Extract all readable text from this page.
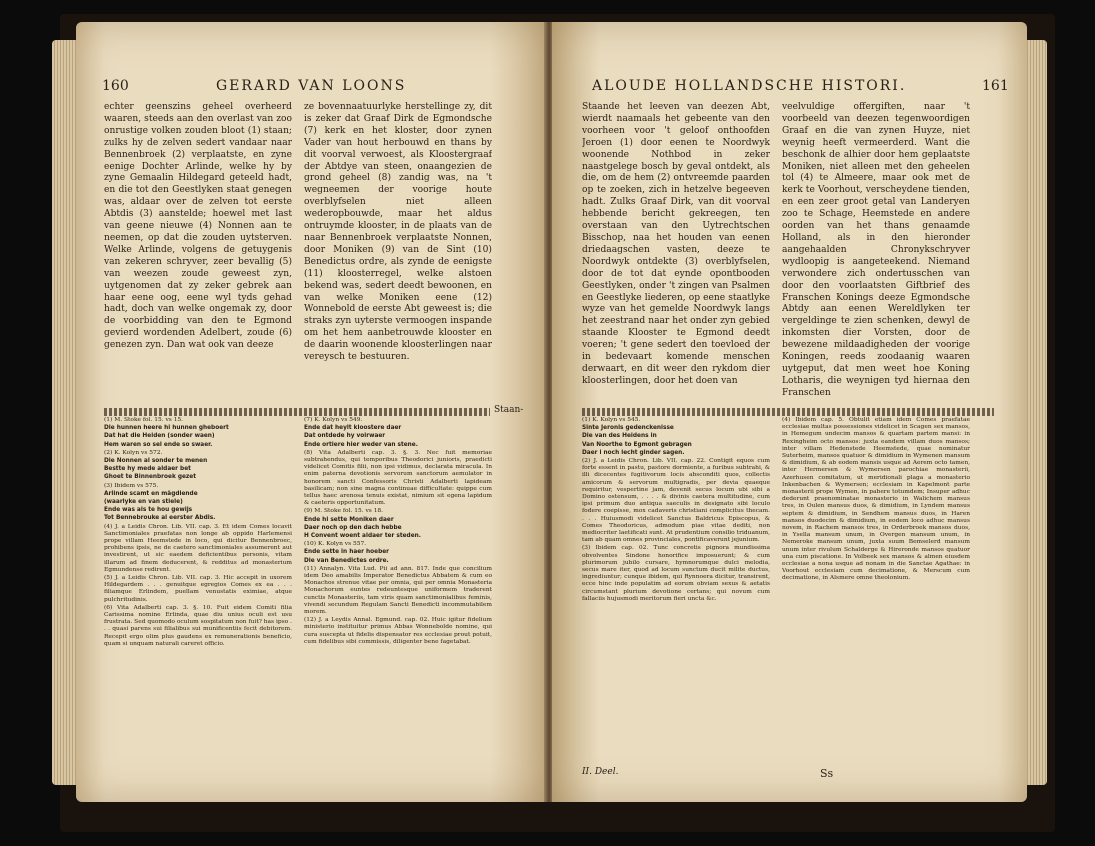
160	GERARD VAN LOONS

echter geenszins geheel overheerd waaren, steeds aan den overlast van zoo onrustige volken zouden bloot (1) staan; zulks hy de zelven sedert vandaar naar Bennenbroek (2) verplaatste, en zyne eenige Dochter Arlinde, welke hy by zyne Gemaalin Hildegard geteeld hadt, en die tot den Geestlyken staat genegen was, aldaar over de zelven tot eerste Abtdis (3) aanstelde; hoewel met last van geene nieuwe (4) Nonnen aan te neemen, op dat die zouden uytsterven. Welke Arlinde, volgens de getuygenis van zekeren schryver, zeer bevallig (5) van weezen zoude geweest zyn, uytgenomen dat zy zeker gebrek aan haar eene oog, eene wyl tyds gehad hadt, doch van welke ongemak zy, door de voorbidding van den te Egmond gevierd wordenden Adelbert, zoude (6) genezen zyn. Dan wat ook van deeze

ze bovennaatuurlyke herstellinge zy, dit is zeker dat Graaf Dirk de Egmondsche (7) kerk en het kloster, door zynen Vader van hout herbouwd en thans by dit voorval verwoest, als Kloostergraaf der Abtdye van steen, onaangezien de grond geheel (8) zandig was, na 't wegneemen der voorige houte overblyfselen niet alleen wederopbouwde, maar het aldus ontruymde klooster, in de plaats van de naar Bennenbroek verplaatste Nonnen, door Moniken (9) van de Sint (10) Benedictus ordre, als zynde de eenigste (11) kloosterregel, welke alstoen bekend was, sedert deedt bewoonen, en van welke Moniken eene (12) Wonnebold de eerste Abt geweest is; die straks zyn uyterste vermoogen inspande om het hem aanbetrouwde klooster en de daarin woonende kloosterlingen naar vereysch te bestuuren.

Staan-

(1) M. Stoke fol. 15. vs 15.

Die hunnen heere hi hunnen gheboert

Dat hat die Heiden (sonder waen)

Hem waren so sel ende so swaer.

(2) K. Kolyn vs 572.

Die Nonnen al sonder te menen

Bestte hy mede aldaer bet

Ghoet te Binnenbroek gezet

(3) Ibidem vs 575.

Arlinde scamt en mägdiende

(waarlyke en van stiele)

Ende was als te hou gewijs

Tot Bennebrouke al eerster Abdis.

(4) J. a Leidis Chron. Lib. VII. cap. 3. Et idem Comes locavit Sanctimoniales praefatas non longe ab oppido Harlemensi prope villam Heemstede in loco, qui dicitur Bennenbroec, prohibens ipsis, ne de caetero sanctimoniales assumerent aut investirent, ut sic eaedem deficientibus personis, vitam illarum ad finem deducerent, & redditus ad monasterium Egmundense redirent.

(5) J. a Leidis Chron. Lib. VII. cap. 3. Hic accepit in uxorem Hildegardem . . . genuitque egregios Comes ex ea . . . filiamque Erlindem, puellam venustatis eximiae, atque pulchritudinis.

(6) Vita Adalberti cap. 3. §. 10. Fuit eidem Comiti filia Carissima nomine Erlinda, quae diu unius oculi est usu frustrata. Sed quomodo oculum sospitatum non fuit? has ipso . . . quasi parens sui filialibus sui munificentiis fecit debitorem. Recepit ergo olim plus gaudens ex remunerationis beneficio, quam si unquam naturali careret officio.

(7) K. Kolyn vs 549.

Ende dat heylt kloostere daer

Dat ontdede hy voirwaer

Ende ortiere hier weder van stene.

(8) Vita Adalberti cap. 3. §. 3. Nec fuit memoriae subtrahendus, qui temporibus Theodorici junioris, praedicti videlicet Comitis filii, non ipsi vidimus, declarata miracula. In enim paterna devotionis servorum sanctorum aemulator in honorem sancti Confessoris Christi Adalberti lapideam basilicam; non sine magna continuae difficultate: quippe cum tellus haec arenosa tenuis existat, nimium sit egena lapidum & caeteris opportunitatum.

(9) M. Stoke fol. 15. vs 18.

Ende hi sette Moniken daer

Daer noch op den dach hebbe

H Convent woent aldaer ter steden.

(10) K. Kolyn vs 557.

Ende sette in haer hoeber

Die van Benedictes ordre.

(11) Annalyn. Vita Lud. Pii ad ann. 817. Inde que concilium idem Deo amabilis Imperator Benedictus Abbatem & cum eo Monachos strenue vitae per omnia, qui per omnia Monasteria Monachorum euntes redeuntesque uniformem traderent cunctis Monasteriis, tam viris quam sanctimonialibus feminis, vivendi secundum Regulam Sancti Benedicti incommutabilem morem.

(12) J. a Leydis Annal. Egmund. cap. 02. Huic igitur fidelium ministerio instituitur primus Abbas Wonnebolde nomine, qui cura suscepta ut fidelis dispensator res ecclesiae prout potuit, cum fidelibus sibi commissis, diligenter bene fagetabat.

ALOUDE HOLLANDSCHE HISTORI.	161

Staande het leeven van deezen Abt, wierdt naamaals het gebeente van den voorheen voor 't geloof onthoofden Jeroen (1) door eenen te Noordwyk woonende Nothbod in zeker naastgelege bosch by geval ontdekt, als die, om de hem (2) ontvreemde paarden op te zoeken, zich in hetzelve begeeven hadt. Zulks Graaf Dirk, van dit voorval hebbende bericht gekreegen, ten overstaan van den Uytrechtschen Bisschop, naa het houden van eenen driedaagschen vasten, deeze te Noordwyk ontdekte (3) overblyfselen, door de tot dat eynde opontbooden Geestlyken, onder 't zingen van Psalmen en Geestlyke liederen, op eene staatlyke wyze van het gemelde Noordwyk langs het zeestrand naar het onder zyn gebied staande Klooster te Egmond deedt voeren; 't gene sedert den toevloed der in bedevaart komende menschen derwaart, en dit weer den rykdom dier kloosterlingen, door het doen van

veelvuldige offergiften, naar 't voorbeeld van deezen tegenwoordigen Graaf en die van zynen Huyze, niet weynig heeft vermeerderd. Want die beschonk de alhier door hem geplaatste Moniken, niet alleen met den geheelen tol (4) te Almeere, maar ook met de kerk te Voorhout, verscheydene tienden, en een zeer groot getal van Landeryen zoo te Schage, Heemstede en andere oorden van het thans genaamde Holland, als in den hieronder aangehaalden Chronykschryver wydloopig is aangeteekend. Niemand verwondere zich ondertusschen van door den voorlaatsten Giftbrief des Franschen Konings deeze Egmondsche Abtdy aan eenen Wereldlyken ter vergeldinge te zien schenken, dewyl de inkomsten dier Vorsten, door de bewezene mildaadigheden der voorige Koningen, reeds zoodaanig waaren uytgeput, dat men weet hoe Koning Lotharis, die weynigen tyd hiernaa den Franschen

(1) K. Kolyn vs 545.

Sinte Jeronis gedenckenisse

Die van des Heidens in

Van Noorthe to Egmont gebragen

Daer i noch lecht ginder sagen.

(2) J. a Leidis Chron. Lib. VII. cap. 22. Contigit equos cum forte essent in pastu, pastore dormiente, a furibus subtrahi, & illi dicecentes fugitivorum locis absconditi quos, collectis amicorum & servorum multigradis, per devia quaeque requiritur, vespertine jam, devenit secus locum ubi sibi a Domino ostensum, . . . . & divinis caetera multitudine, cum ipsi primum duo antiqua saeculis in designato sibi loculo fodere coepisse, mox cadaveris christiani complicitus thecam. . . . Huiusmodi videlicet Sanctus Baldricus Episcopus, & Comes Theodoricus, admodum piae vitae dediti, non mediocriter laetificati sunt. At prudentium consilio triduanum, tam ab quam omnes provinciales, pontificaverunt jejunium.

(3) Ibidem cap. 02. Tunc concretis pignora mundissima obvolventes Sindone honorifice imposuerunt; & cum plurimorum jubilo cursare, hymnorumque dulci melodia, secus mare iter, quod ad locum sunctum ducit milite ductus, ingrediuntur; cunque ibidem, qui Rynnoera dicitur, transirent, ecce hinc inde populatim ad eorum obviam sexus & aetatis circumstant plurium devotione certans; qui novum cum fallaciis hujusmodi meritorum fieri uncta &c.

(4) Ibidem cap. 5. Obtulit etiam idem Comes praefatae ecclesiae multas possessiones videlicet in Scagen sex mansos, in Hemegum undecim mansos & quartam partem mansi: in Rexingheim octo mansos: juxta eandem villam duos mansos; inter villam Hedenstede Heemstede, quae nominatur Suterheim, mansos quatuor & dimidium in Wymenen mansum & dimidium, & ab eodem mansis usque ad Aerem octo tamen, inter Hermersen & Wymersen parochiae monasterii, Azerhusen comitatum, ut meridionali plaga a monasterio Inkenbachen & Wymersen; ecclesiam in Kapelmont parte monasterii prope Wymen, in pabere totumdem; Insuper adhuc dederunt praenominatae monasterio in Walichem mansus tres, in Oulen mansus duos, & dimidium, in Lyndem mansus septem & dimidium, in Sendhem mansus duos, in Haren mansos duodecim & dimidium, in eodem loco adhuc mansus novem, in Rachem mansos tres, in Orderbroek mansos duos, in Ysella mansum unum, in Overgen mansum unum, in Nemeroke mansum unum, juxta suum Bemselerd mansum unum inter rivulum Schalderge & Hireronde mansos quatuor una cum piscatione. In Volbeek sex mansos & almen eiusdem ecclesiae a nona usque ad nonam in die Sanctae Agathae: in Voorhout ecclesiam cum decimatione, & Merscum cum decimatione, in Alsmere omne theolonium.

II. Deel.	Ss
